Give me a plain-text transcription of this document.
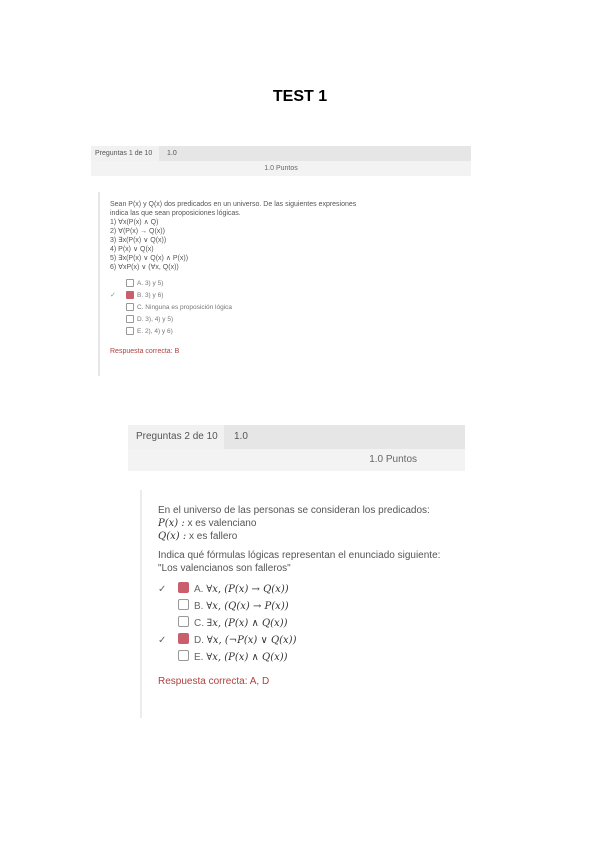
TEST 1
Preguntas 1 de 10	1.0
1.0 Puntos
Sean P(x) y Q(x) dos predicados en un universo. De las siguientes expresiones
indica las que sean proposiciones lógicas.
1) ∀x(P(x) ∧ Q)
2) ∀(P(x) → Q(x))
3) ∃x(P(x) ∨ Q(x))
4) P(x) ∨ Q(x)
5) ∃x(P(x) ∨ Q(x) ∧ P(x))
6) ∀xP(x) ∨ (∀x, Q(x))
A. 3) y 5)
✓	B. 3) y 6)
C. Ninguna es proposición lógica
D. 3), 4) y 5)
E. 2), 4) y 6)
Respuesta correcta: B
Preguntas 2 de 10	1.0
1.0 Puntos
En el universo de las personas se consideran los predicados:
P(x) : x es valenciano
Q(x) : x es fallero
Indica qué fórmulas lógicas representan el enunciado siguiente:
"Los valencianos son falleros"
✓	A. ∀x, (P(x) → Q(x))
B. ∀x, (Q(x) → P(x))
C. ∃x, (P(x) ∧ Q(x))
✓	D. ∀x, (¬P(x) ∨ Q(x))
E. ∀x, (P(x) ∧ Q(x))
Respuesta correcta: A, D
